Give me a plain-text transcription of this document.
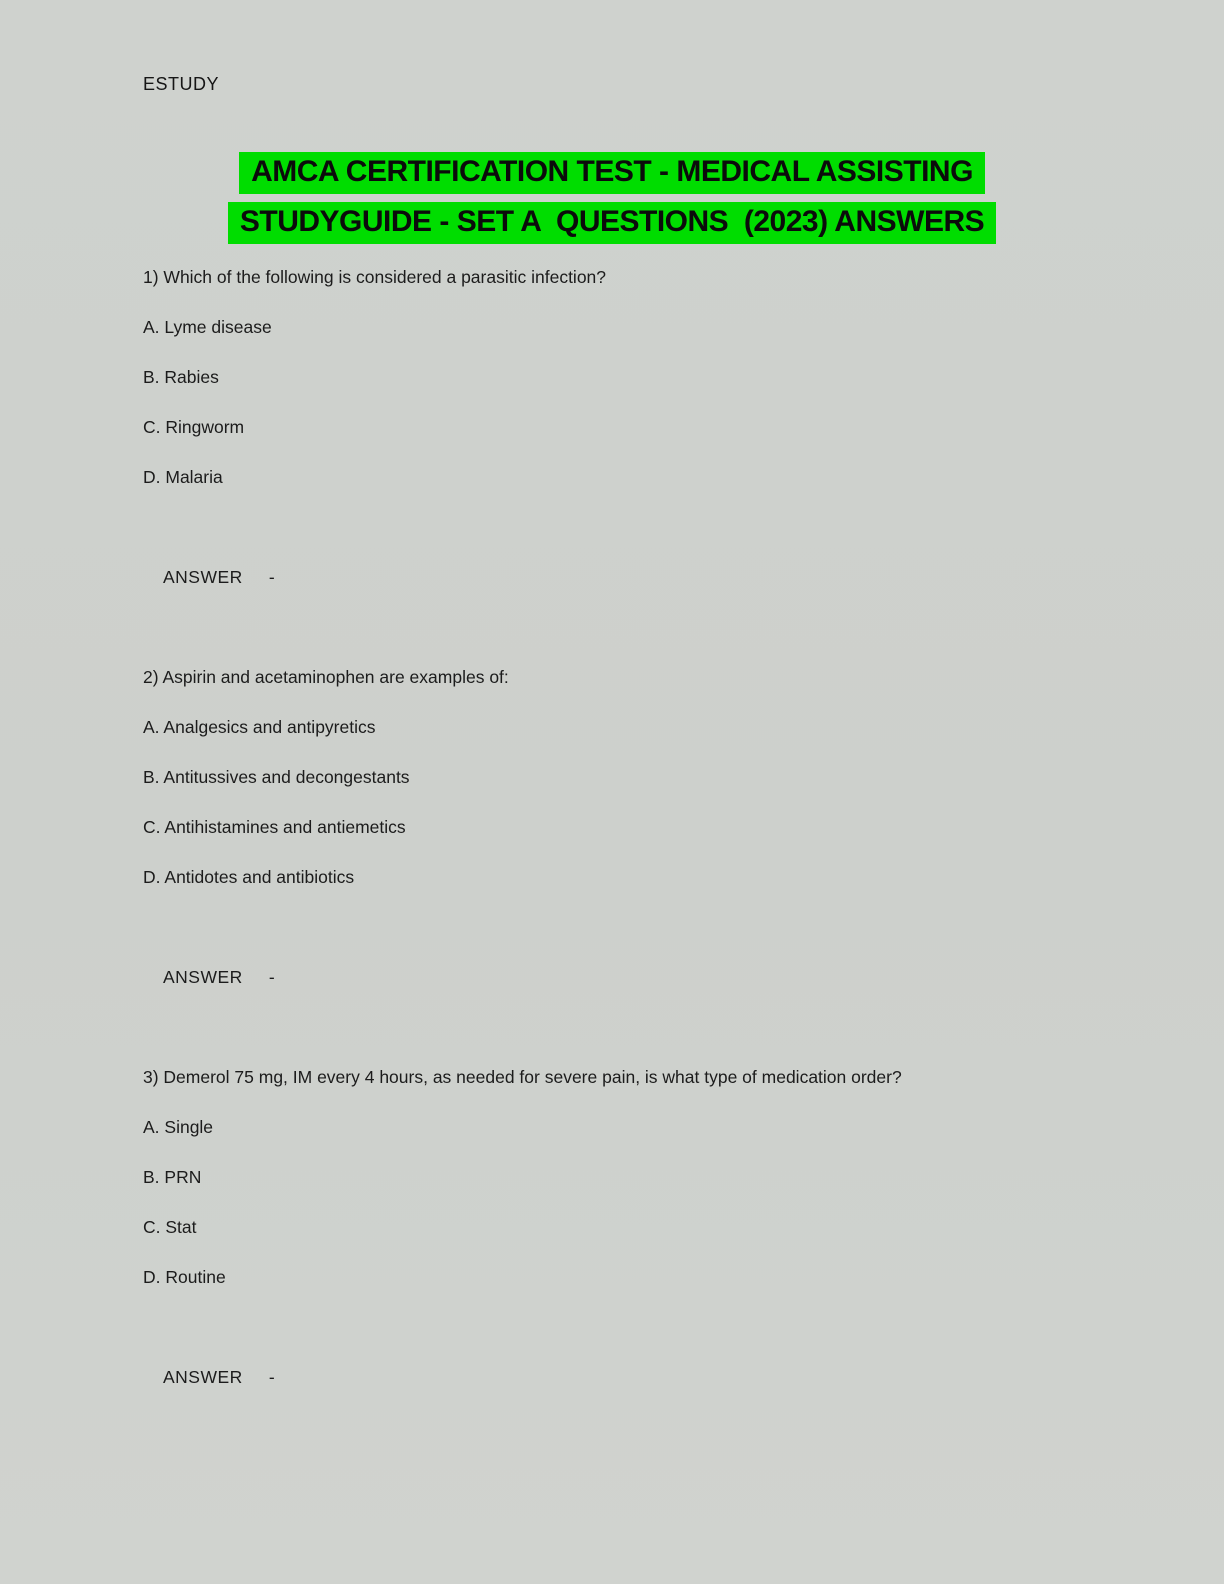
ESTUDY
AMCA CERTIFICATION TEST - MEDICAL ASSISTING
STUDYGUIDE - SET A  QUESTIONS  (2023) ANSWERS
1) Which of the following is considered a parasitic infection?
A. Lyme disease
B. Rabies
C. Ringworm
D. Malaria
ANSWER -
2) Aspirin and acetaminophen are examples of:
A. Analgesics and antipyretics
B. Antitussives and decongestants
C. Antihistamines and antiemetics
D. Antidotes and antibiotics
ANSWER -
3) Demerol 75 mg, IM every 4 hours, as needed for severe pain, is what type of medication order?
A. Single
B. PRN
C. Stat
D. Routine
ANSWER -
